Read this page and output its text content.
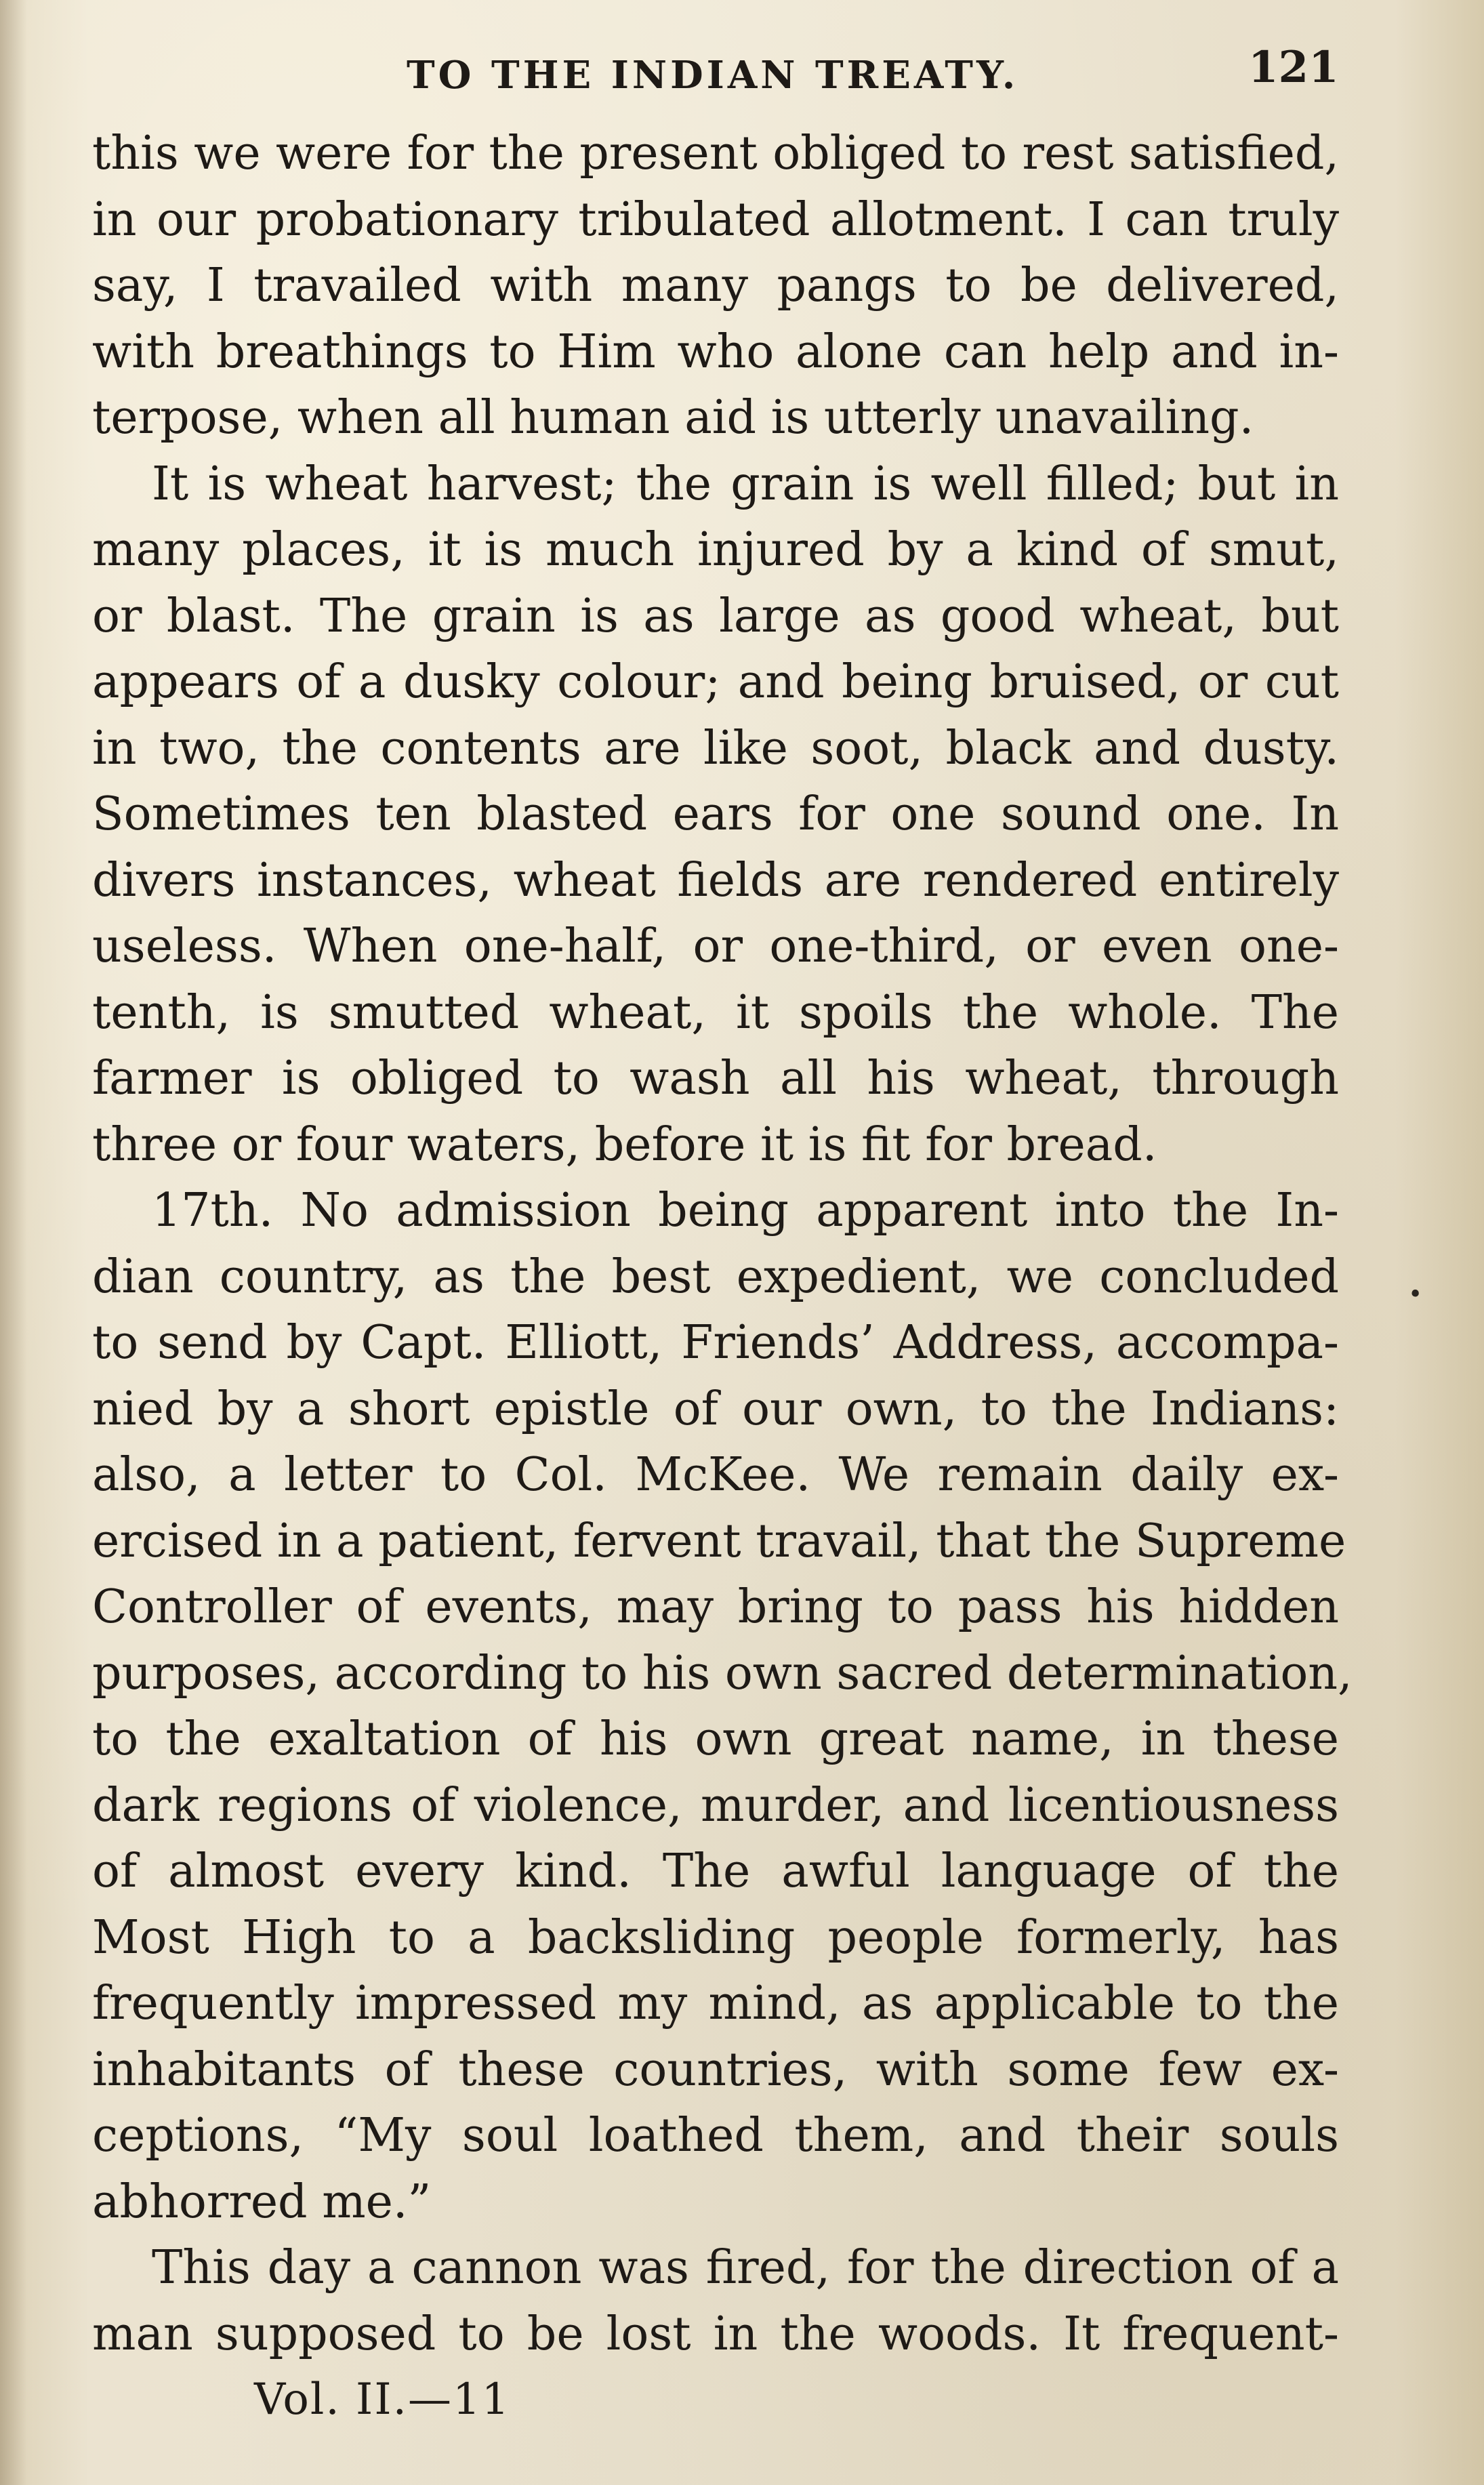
TO THE INDIAN TREATY.	121
this we were for the present obliged to rest satisfied,
in our probationary tribulated allotment. I can truly
say, I travailed with many pangs to be delivered,
with breathings to Him who alone can help and in-
terpose, when all human aid is utterly unavailing.
It is wheat harvest; the grain is well filled; but in
many places, it is much injured by a kind of smut,
or blast. The grain is as large as good wheat, but
appears of a dusky colour; and being bruised, or cut
in two, the contents are like soot, black and dusty.
Sometimes ten blasted ears for one sound one. In
divers instances, wheat fields are rendered entirely
useless. When one-half, or one-third, or even one-
tenth, is smutted wheat, it spoils the whole. The
farmer is obliged to wash all his wheat, through
three or four waters, before it is fit for bread.
17th. No admission being apparent into the In-
dian country, as the best expedient, we concluded
to send by Capt. Elliott, Friends’ Address, accompa-
nied by a short epistle of our own, to the Indians:
also, a letter to Col. McKee. We remain daily ex-
ercised in a patient, fervent travail, that the Supreme
Controller of events, may bring to pass his hidden
purposes, according to his own sacred determination,
to the exaltation of his own great name, in these
dark regions of violence, murder, and licentiousness
of almost every kind. The awful language of the
Most High to a backsliding people formerly, has
frequently impressed my mind, as applicable to the
inhabitants of these countries, with some few ex-
ceptions, “My soul loathed them, and their souls
abhorred me.”
This day a cannon was fired, for the direction of a
man supposed to be lost in the woods. It frequent-
•
Vol. II.—11
